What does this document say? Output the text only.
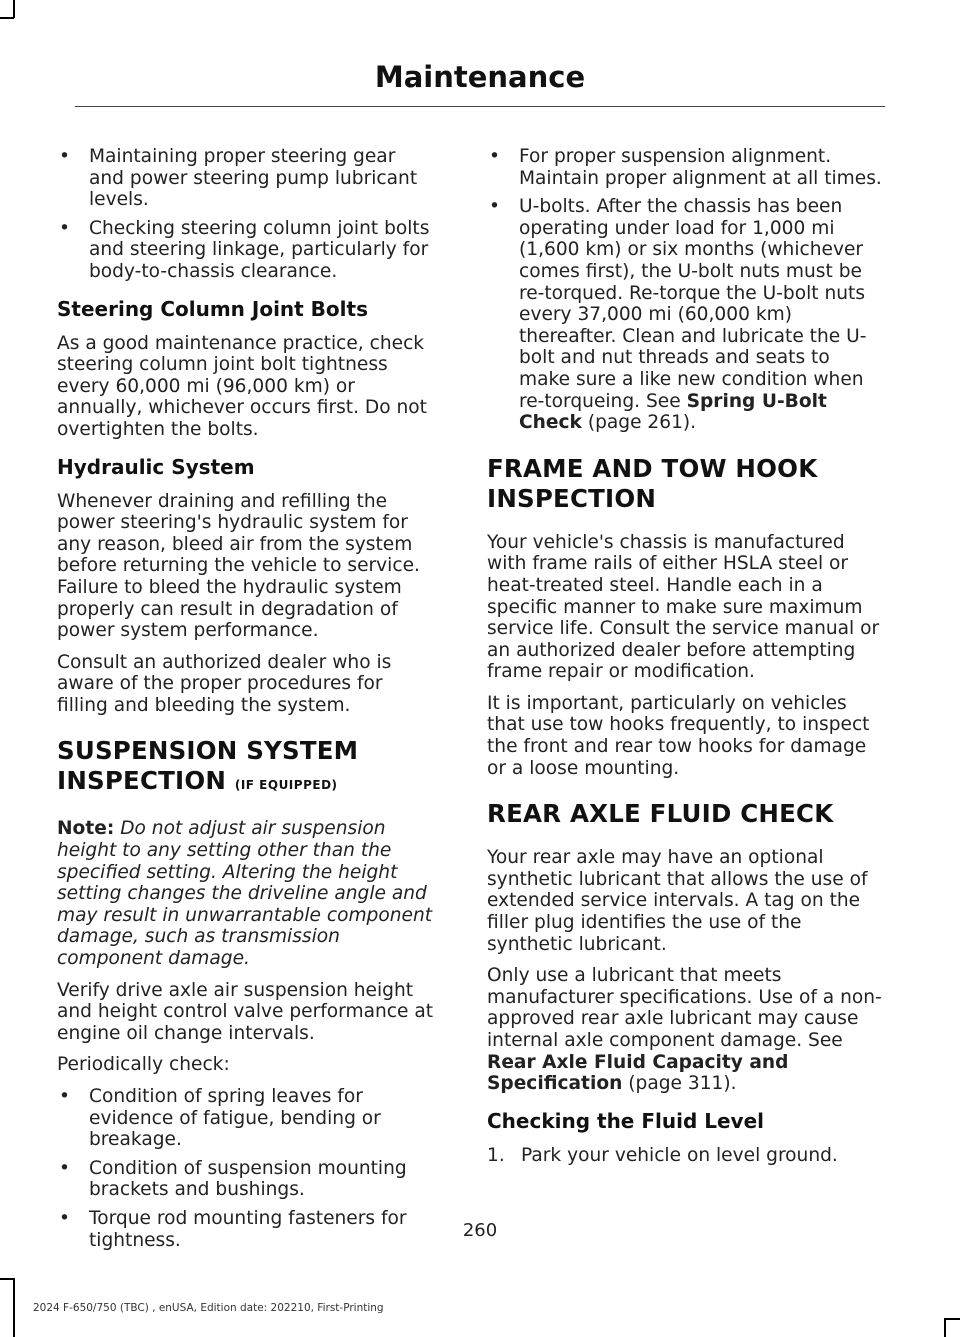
Maintenance
• Maintaining proper steering gear and power steering pump lubricant levels.
• Checking steering column joint bolts and steering linkage, particularly for body-to-chassis clearance.
Steering Column Joint Bolts

As a good maintenance practice, check steering column joint bolt tightness every 60,000 mi (96,000 km) or annually, whichever occurs first. Do not overtighten the bolts.

Hydraulic System

Whenever draining and refilling the power steering's hydraulic system for any reason, bleed air from the system before returning the vehicle to service. Failure to bleed the hydraulic system properly can result in degradation of power system performance.

Consult an authorized dealer who is aware of the proper procedures for filling and bleeding the system.

SUSPENSION SYSTEM
INSPECTION (IF EQUIPPED)

Note: Do not adjust air suspension height to any setting other than the specified setting. Altering the height setting changes the driveline angle and may result in unwarrantable component damage, such as transmission component damage.

Verify drive axle air suspension height and height control valve performance at engine oil change intervals.

Periodically check:

• Condition of spring leaves for evidence of fatigue, bending or breakage.
• Condition of suspension mounting brackets and bushings.
• Torque rod mounting fasteners for tightness.
• For proper suspension alignment. Maintain proper alignment at all times.
• U-bolts. After the chassis has been operating under load for 1,000 mi (1,600 km) or six months (whichever comes first), the U-bolt nuts must be re-torqued. Re-torque the U-bolt nuts every 37,000 mi (60,000 km) thereafter. Clean and lubricate the U-bolt and nut threads and seats to make sure a like new condition when re-torqueing. See Spring U-Bolt Check (page 261).
FRAME AND TOW HOOK
INSPECTION

Your vehicle's chassis is manufactured with frame rails of either HSLA steel or heat-treated steel. Handle each in a specific manner to make sure maximum service life. Consult the service manual or an authorized dealer before attempting frame repair or modification.

It is important, particularly on vehicles that use tow hooks frequently, to inspect the front and rear tow hooks for damage or a loose mounting.

REAR AXLE FLUID CHECK

Your rear axle may have an optional synthetic lubricant that allows the use of extended service intervals. A tag on the filler plug identifies the use of the synthetic lubricant.

Only use a lubricant that meets manufacturer specifications. Use of a non-approved rear axle lubricant may cause internal axle component damage. See Rear Axle Fluid Capacity and Specification (page 311).

Checking the Fluid Level
1. Park your vehicle on level ground.
260
2024 F-650/750 (TBC) , enUSA, Edition date: 202210, First-Printing
